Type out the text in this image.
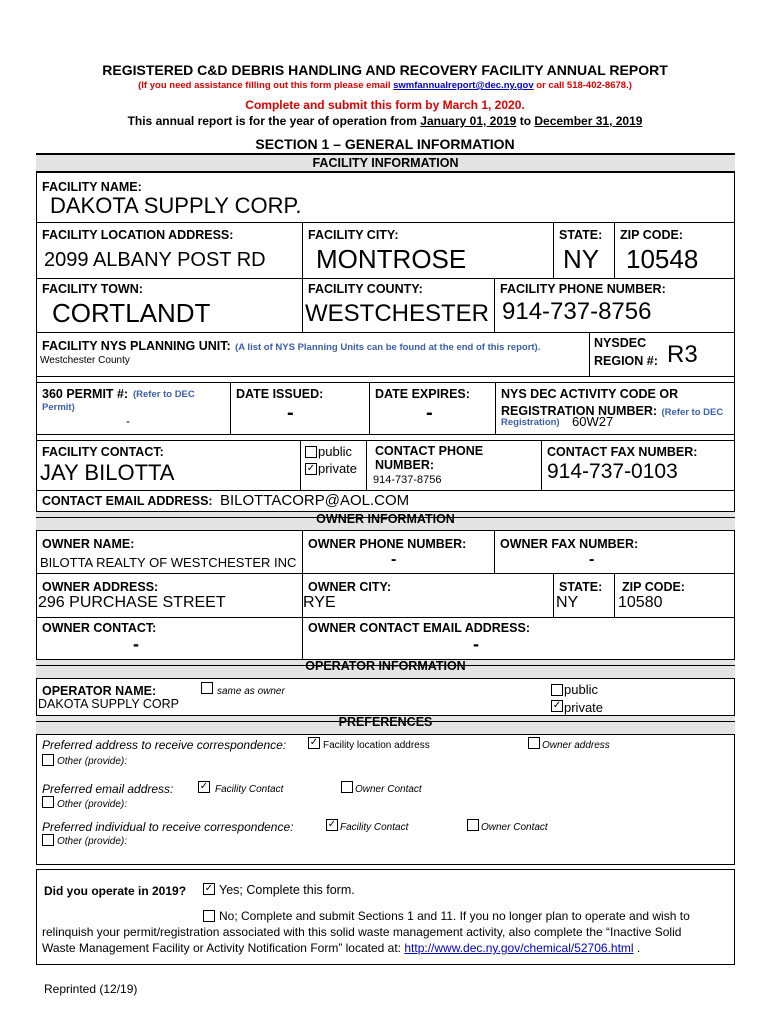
REGISTERED C&D DEBRIS HANDLING AND RECOVERY FACILITY ANNUAL REPORT
(If you need assistance filling out this form please email swmfannualreport@dec.ny.gov or call 518-402-8678.)
Complete and submit this form by March 1, 2020.
This annual report is for the year of operation from January 01, 2019 to December 31, 2019
SECTION 1 – GENERAL INFORMATION
FACILITY INFORMATION
FACILITY NAME:
DAKOTA SUPPLY CORP.
FACILITY LOCATION ADDRESS:
2099 ALBANY POST RD
FACILITY CITY:
MONTROSE
STATE:
NY
ZIP CODE:
10548
FACILITY TOWN:
CORTLANDT
FACILITY COUNTY:
WESTCHESTER
FACILITY PHONE NUMBER:
914-737-8756
FACILITY NYS PLANNING UNIT: (A list of NYS Planning Units can be found at the end of this report).
Westchester County
NYSDEC
REGION #: R3
360 PERMIT #: (Refer to DEC
Permit)
-
DATE ISSUED:
-
DATE EXPIRES:
-
NYS DEC ACTIVITY CODE OR
REGISTRATION NUMBER: (Refer to DEC
Registration) 60W27
FACILITY CONTACT:
JAY BILOTTA
public
✓ private
CONTACT PHONE
NUMBER:
914-737-8756
CONTACT FAX NUMBER:
914-737-0103
CONTACT EMAIL ADDRESS: BILOTTACORP@AOL.COM
OWNER INFORMATION
OWNER NAME:
BILOTTA REALTY OF WESTCHESTER INC
OWNER PHONE NUMBER:
-
OWNER FAX NUMBER:
-
OWNER ADDRESS:
296 PURCHASE STREET
OWNER CITY:
RYE
STATE:
NY
ZIP CODE:
10580
OWNER CONTACT:
-
OWNER CONTACT EMAIL ADDRESS:
-
OPERATOR INFORMATION
OPERATOR NAME:	same as owner
DAKOTA SUPPLY CORP
public
✓ private
PREFERENCES
Preferred address to receive correspondence: ✓ Facility location address	Owner address
Other (provide):
Preferred email address:	✓ Facility Contact	Owner Contact
Other (provide):
Preferred individual to receive correspondence:	✓ Facility Contact	Owner Contact
Other (provide):
Did you operate in 2019? ✓ Yes; Complete this form.
No; Complete and submit Sections 1 and 11. If you no longer plan to operate and wish to
relinquish your permit/registration associated with this solid waste management activity, also complete the “Inactive Solid
Waste Management Facility or Activity Notification Form” located at: http://www.dec.ny.gov/chemical/52706.html .
Reprinted (12/19)
